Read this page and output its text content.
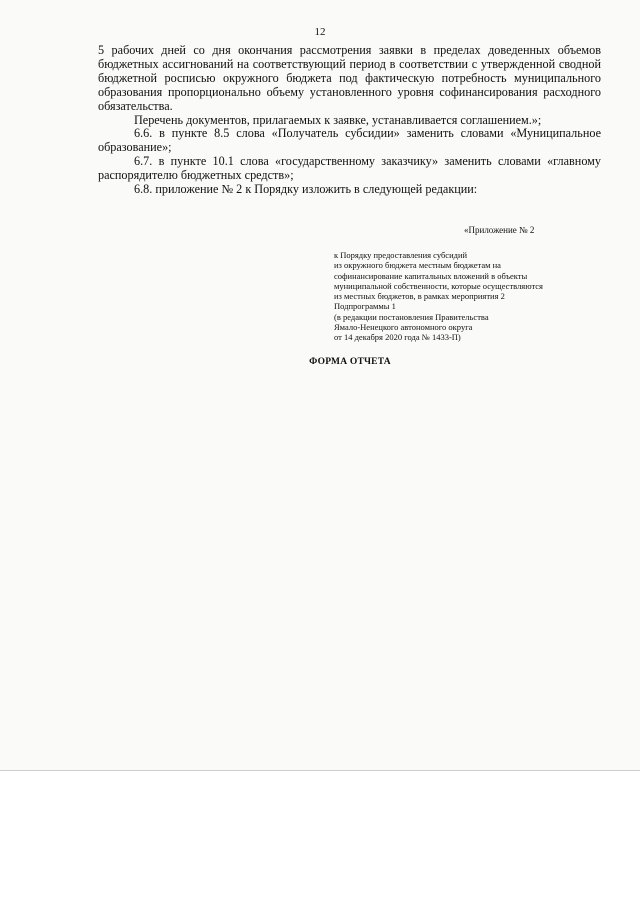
12

5 рабочих дней со дня окончания рассмотрения заявки в пределах доведенных объемов бюджетных ассигнований на соответствующий период в соответствии с утвержденной сводной бюджетной росписью окружного бюджета под фактическую потребность муниципального образования пропорционально объему установленного уровня софинансирования расходного обязательства.

Перечень документов, прилагаемых к заявке, устанавливается соглашением.»;

6.6. в пункте 8.5 слова «Получатель субсидии» заменить словами «Муниципальное образование»;

6.7. в пункте 10.1 слова «государственному заказчику» заменить словами «главному распорядителю бюджетных средств»;

6.8. приложение № 2 к Порядку изложить в следующей редакции:

«Приложение № 2
к Порядку предоставления субсидий
из окружного бюджета местным бюджетам на
софинансирование капитальных вложений в объекты
муниципальной собственности, которые осуществляются
из местных бюджетов, в рамках мероприятия 2
Подпрограммы 1
(в редакции постановления Правительства
Ямало-Ненецкого автономного округа
от 14 декабря 2020 года № 1433-П)
ФОРМА ОТЧЕТА
